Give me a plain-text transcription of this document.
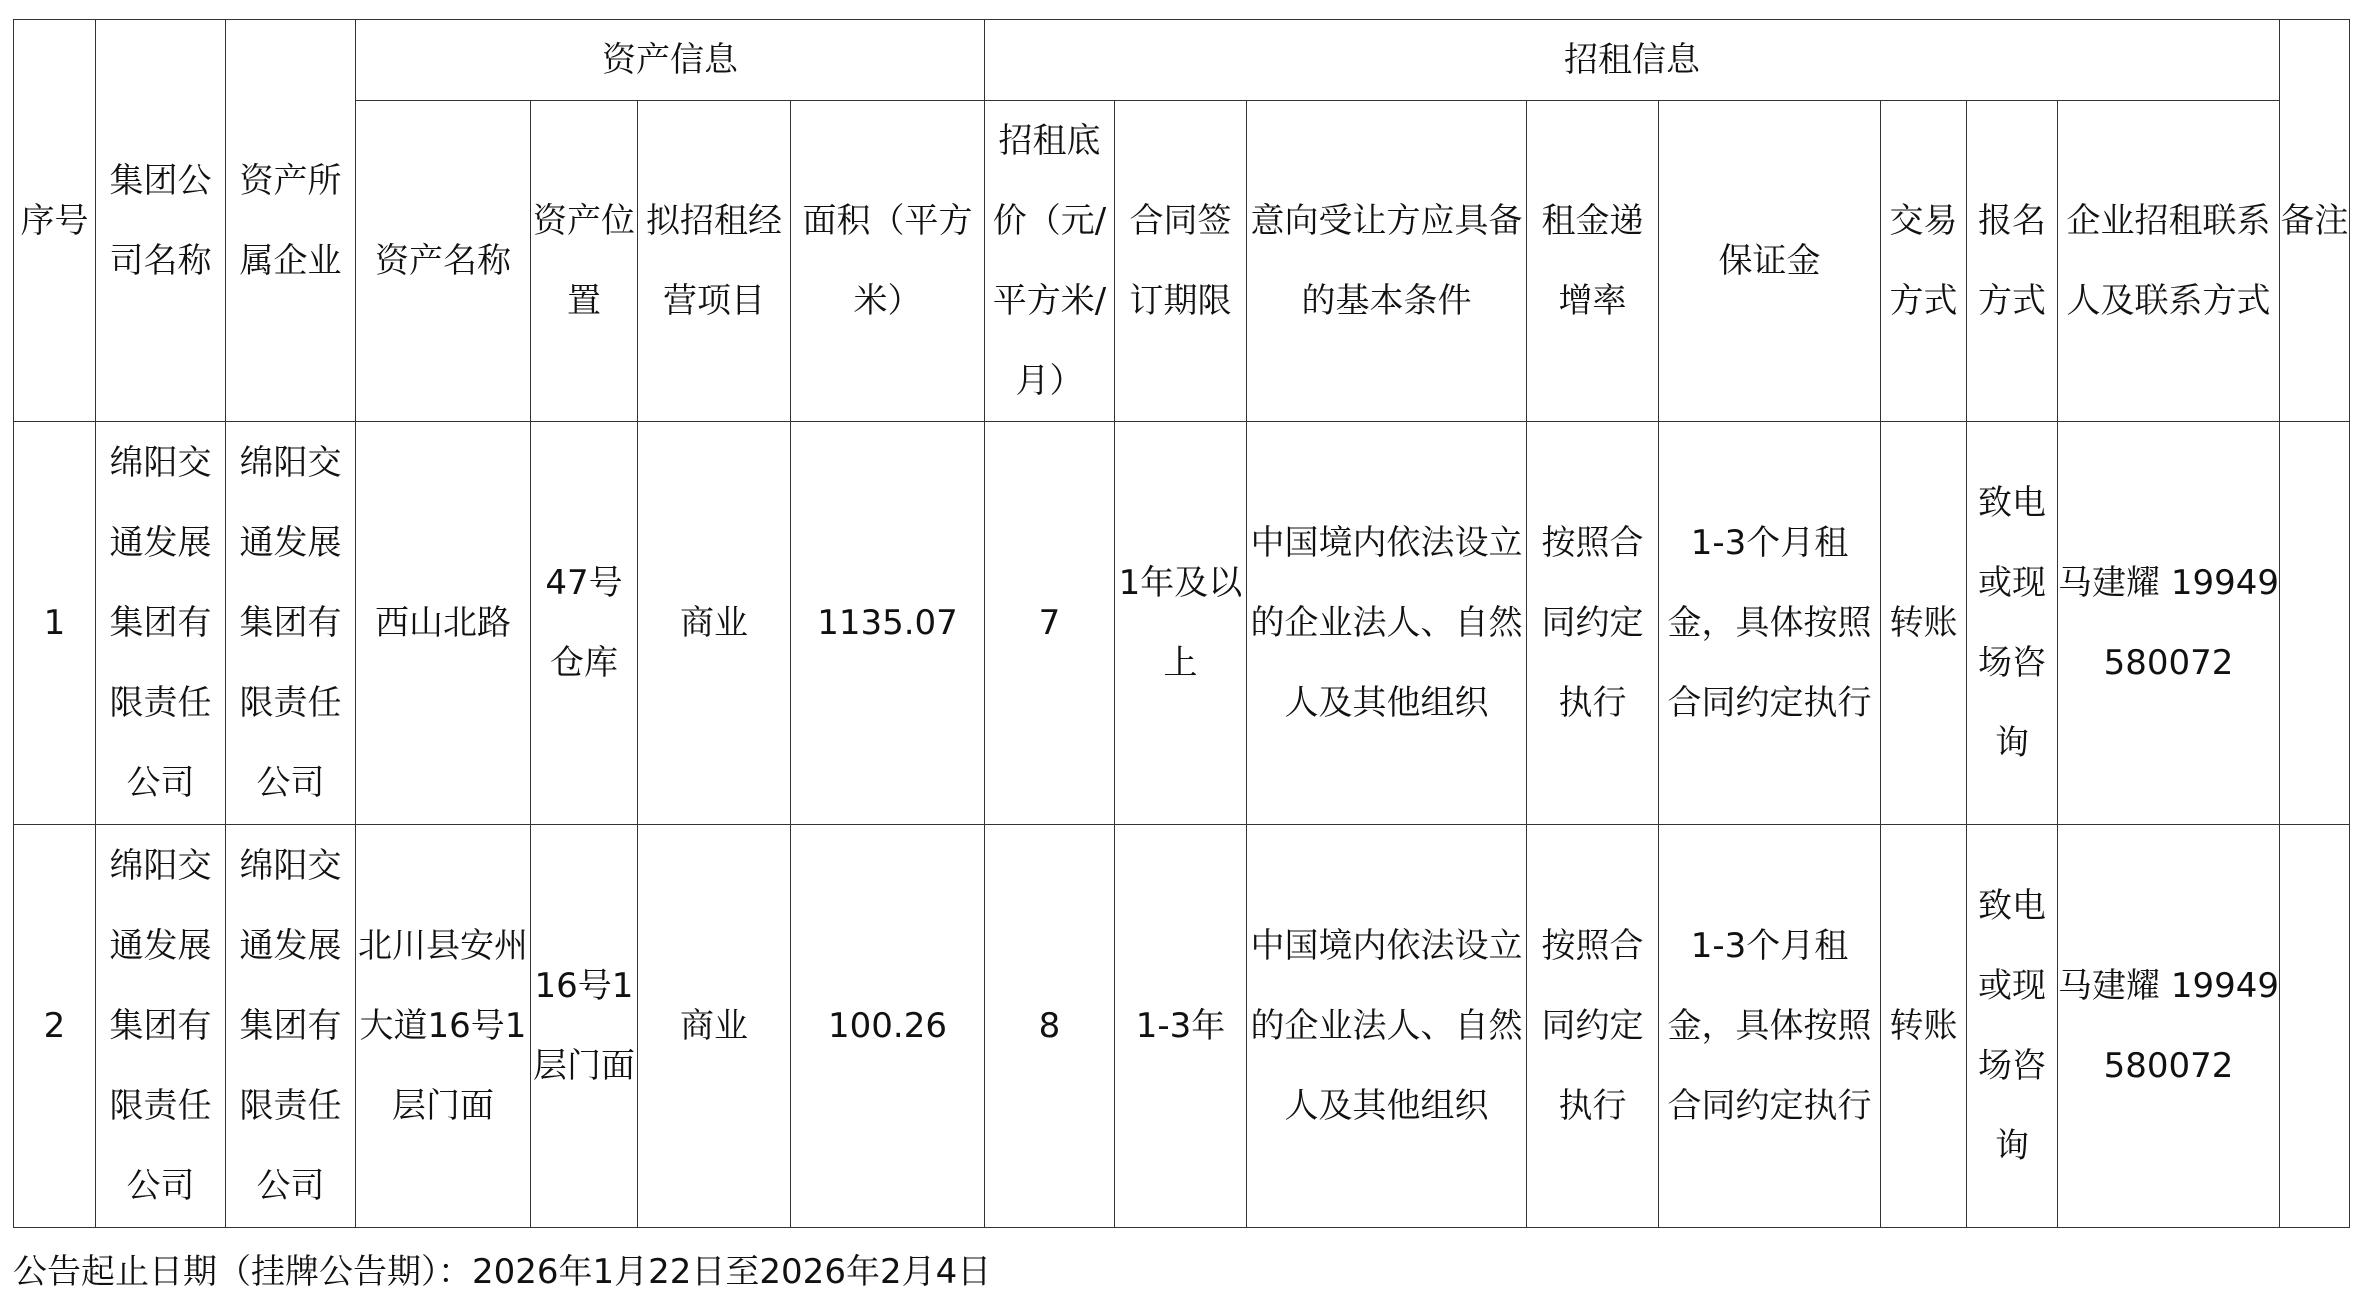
序号	集团公司名称	资产所属企业	资产信息				招租信息								备注
			资产名称	资产位置	拟招租经营项目	面积（平方米）	招租底价（元/平方米/月）	合同签订期限	意向受让方应具备的基本条件	租金递增率	保证金	交易方式	报名方式	企业招租联系人及联系方式	
1	绵阳交通发展集团有限责任公司	绵阳交通发展集团有限责任公司	西山北路	47号仓库	商业	1135.07	7	1年及以上	中国境内依法设立的企业法人、自然人及其他组织	按照合同约定执行	1-3个月租金，具体按照合同约定执行	转账	致电或现场咨询	马建耀 19949580072	
2	绵阳交通发展集团有限责任公司	绵阳交通发展集团有限责任公司	北川县安州大道16号1层门面	16号1层门面	商业	100.26	8	1-3年	中国境内依法设立的企业法人、自然人及其他组织	按照合同约定执行	1-3个月租金，具体按照合同约定执行	转账	致电或现场咨询	马建耀 19949580072	
公告起止日期（挂牌公告期）：2026年1月22日至2026年2月4日
